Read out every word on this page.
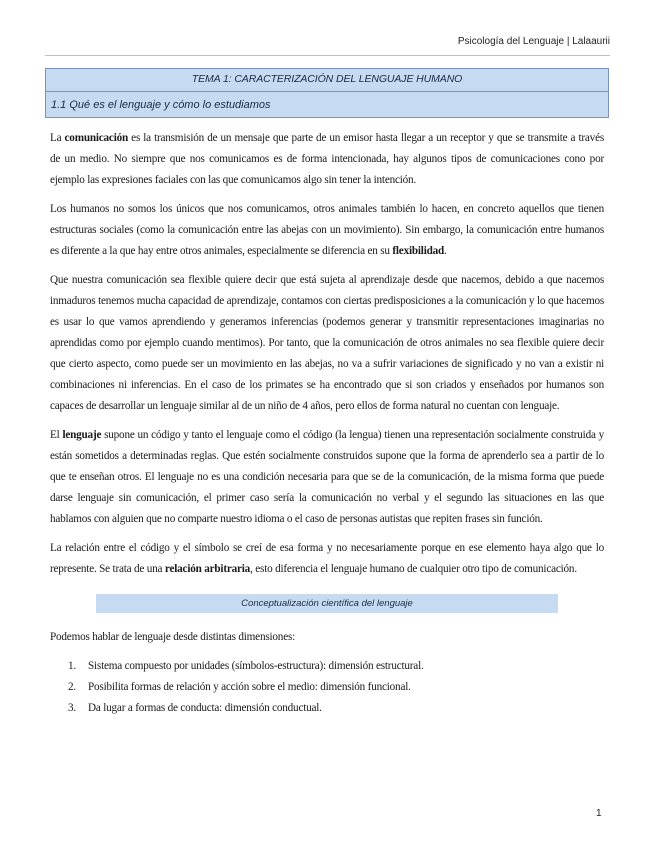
Psicología del Lenguaje | Lalaaurii
TEMA 1: CARACTERIZACIÓN DEL LENGUAJE HUMANO
1.1 Qué es el lenguaje y cómo lo estudiamos

La comunicación es la transmisión de un mensaje que parte de un emisor hasta llegar a un receptor y que se transmite a través de un medio. No siempre que nos comunicamos es de forma intencionada, hay algunos tipos de comunicaciones cono por ejemplo las expresiones faciales con las que comunicamos algo sin tener la intención.

Los humanos no somos los únicos que nos comunicamos, otros animales también lo hacen, en concreto aquellos que tienen estructuras sociales (como la comunicación entre las abejas con un movimiento). Sin embargo, la comunicación entre humanos es diferente a la que hay entre otros animales, especialmente se diferencia en su flexibilidad.

Que nuestra comunicación sea flexible quiere decir que está sujeta al aprendizaje desde que nacemos, debido a que nacemos inmaduros tenemos mucha capacidad de aprendizaje, contamos con ciertas predisposiciones a la comunicación y lo que hacemos es usar lo que vamos aprendiendo y generamos inferencias (podemos generar y transmitir representaciones imaginarias no aprendidas como por ejemplo cuando mentimos). Por tanto, que la comunicación de otros animales no sea flexible quiere decir que cierto aspecto, como puede ser un movimiento en las abejas, no va a sufrir variaciones de significado y no van a existir ni combinaciones ni inferencias. En el caso de los primates se ha encontrado que si son criados y enseñados por humanos son capaces de desarrollar un lenguaje similar al de un niño de 4 años, pero ellos de forma natural no cuentan con lenguaje.

El lenguaje supone un código y tanto el lenguaje como el código (la lengua) tienen una representación socialmente construida y están sometidos a determinadas reglas. Que estén socialmente construidos supone que la forma de aprenderlo sea a partir de lo que te enseñan otros. El lenguaje no es una condición necesaria para que se de la comunicación, de la misma forma que puede darse lenguaje sin comunicación, el primer caso sería la comunicación no verbal y el segundo las situaciones en las que hablamos con alguien que no comparte nuestro idioma o el caso de personas autistas que repiten frases sin función.

La relación entre el código y el símbolo se creí de esa forma y no necesariamente porque en ese elemento haya algo que lo represente. Se trata de una relación arbitraria, esto diferencia el lenguaje humano de cualquier otro tipo de comunicación.

Conceptualización científica del lenguaje

Podemos hablar de lenguaje desde distintas dimensiones:

1. Sistema compuesto por unidades (símbolos-estructura): dimensión estructural.
2. Posibilita formas de relación y acción sobre el medio: dimensión funcional.
3. Da lugar a formas de conducta: dimensión conductual.
1
